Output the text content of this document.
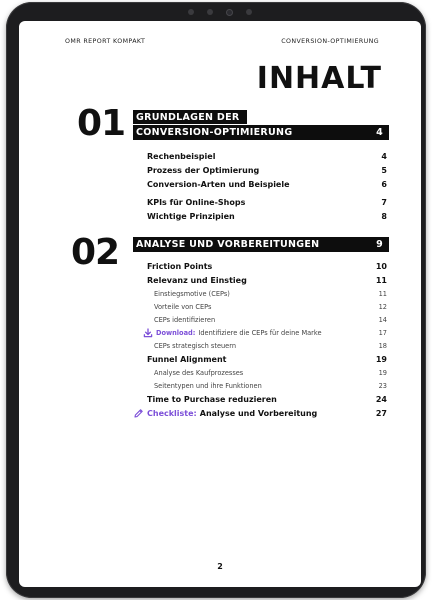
OMR REPORT KOMPAKT	CONVERSION-OPTIMIERUNG
INHALT
01 GRUNDLAGEN DER
CONVERSION-OPTIMIERUNG	4
Rechenbeispiel	4
Prozess der Optimierung	5
Conversion-Arten und Beispiele	6
KPIs für Online-Shops	7
Wichtige Prinzipien	8
02 ANALYSE UND VORBEREITUNGEN	9
Friction Points	10
Relevanz und Einstieg	11
Einstiegsmotive (CEPs)	11
Vorteile von CEPs	12
CEPs identifizieren	14
Download: Identifiziere die CEPs für deine Marke	17
CEPs strategisch steuern	18
Funnel Alignment	19
Analyse des Kaufprozesses	19
Seitentypen und ihre Funktionen	23
Time to Purchase reduzieren	24
Checkliste: Analyse und Vorbereitung	27
2
